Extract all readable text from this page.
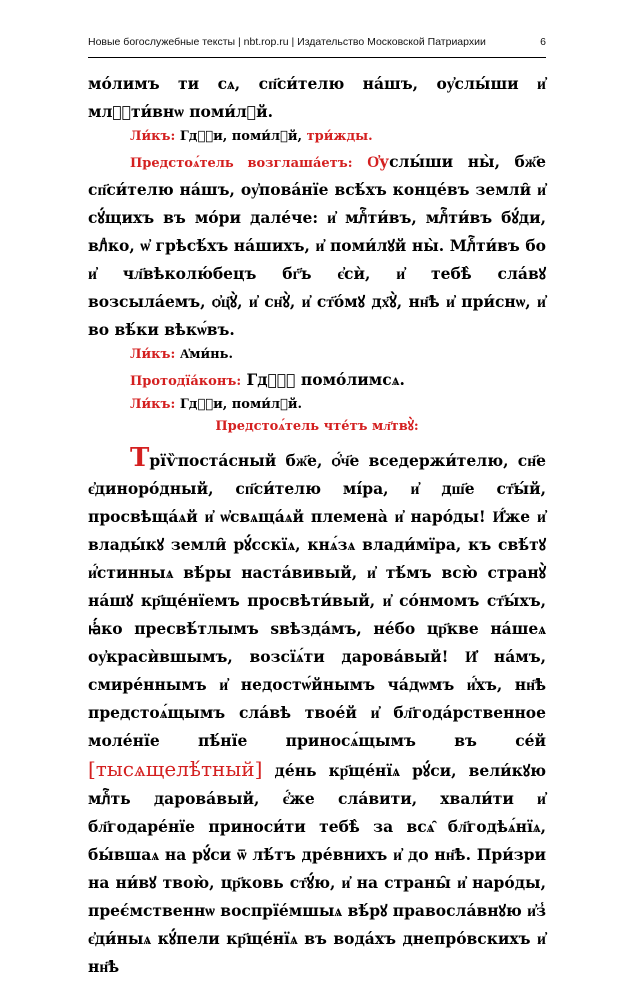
Новые богослужебные тексты | nbt.rop.ru | Издательство Московской Патриархии	6

мо́лимъ ти сѧ, сп҃си́телю на́шъ, оу҆слы́ши и҆ млⷭ҇ти́внѡ поми́лꙋй.

Ли́къ: Гдⷭ҇и, поми́лꙋй, три́жды.

Предстоѧ́тель возглаша́етъ: О҆услы́ши ны̀, бж҃е сп҃си́телю на́шъ, оу҆пова́нїе всѣ́хъ конце́въ земли̑ и҆ сꙋ́щихъ въ мо́ри дале́че: и҆ млⷭ҇ти́въ, млⷭ҇ти́въ бꙋ́ди, влⷣко, ѡ҆ грѣсѣ́хъ на́шихъ, и҆ поми́лꙋй ны̀. Млⷭ҇ти́въ бо и҆ чл҃вѣколю́бецъ бг҃ъ є҆сѝ, и҆ тебѣ̀ сла́вꙋ возсыла́емъ, ѻ҆ц҃ꙋ̀, и҆ сн҃ꙋ̀, и҆ ст҃о́мꙋ дх҃ꙋ̀, нн҃ѣ и҆ при́снѡ, и҆ во вѣ́ки вѣкѡ́въ.

Ли́къ: А҆ми́нь.

Протодїа́конъ: Гдⷭ҇ꙋ помо́лимсѧ.

Ли́къ: Гдⷭ҇и, поми́лꙋй.

Предстоѧ́тель чте́тъ мл҃твꙋ̀:

Трїѷпоста́сный бж҃е, ѻ҆́ч҃е вседержи́телю, сн҃е є҆диноро́дный, сп҃си́телю мі́ра, и҆ дш҃е ст҃ы́й, просвѣща́ѧй и҆ ѡ҆свѧща́ѧй племена̀ и҆ наро́ды! И҆́же и҆ влады́кꙋ земли̑ рꙋ́сскїѧ, кнѧ́зѧ влади́мїра, къ свѣ́тꙋ и҆́стинныѧ вѣ́ры наста́вивый, и҆ тѣ́мъ всю̀ странꙋ̀ на́шꙋ кр҃ще́нїемъ просвѣти́вый, и҆ со́нмомъ ст҃ы́хъ, ꙗ҆́ко пресвѣ́тлымъ ѕвѣзда́мъ, не́бо цр҃кве на́шеѧ оу҆красѝвшымъ, возсїѧ́ти дарова́вый! И҆ на́мъ, смире́ннымъ и҆ недостѡ́йнымъ ча́дѡмъ и҆́хъ, нн҃ѣ предстоѧ́щымъ сла́вѣ твое́й и҆ бл҃года́рственное моле́нїе пѣ́нїе приносѧ́щымъ въ се́й [тысѧщелѣ́тный] де́нь кр҃ще́нїѧ рꙋ́си, вели́кꙋю млⷭ҇ть дарова́вый, є҆́же сла́вити, хвали́ти и҆ бл҃годаре́нїе приноси́ти тебѣ̀ за всѧ̑ бл҃годѣѧ́нїѧ, бы́вшаѧ на рꙋ́си ѿ лѣ́тъ дре́внихъ и҆ до нн҃ѣ. При́зри на ни́вꙋ твою̀, цр҃ковь ст҃ꙋ́ю, и҆ на страны̑ и҆ наро́ды, преє́мственнѡ воспрїе́мшыѧ вѣ́рꙋ правосла́внꙋю и҆з̾ є҆ди́ныѧ кꙋ́пели кр҃ще́нїѧ въ вода́хъ днепро́вскихъ и҆ нн҃ѣ
